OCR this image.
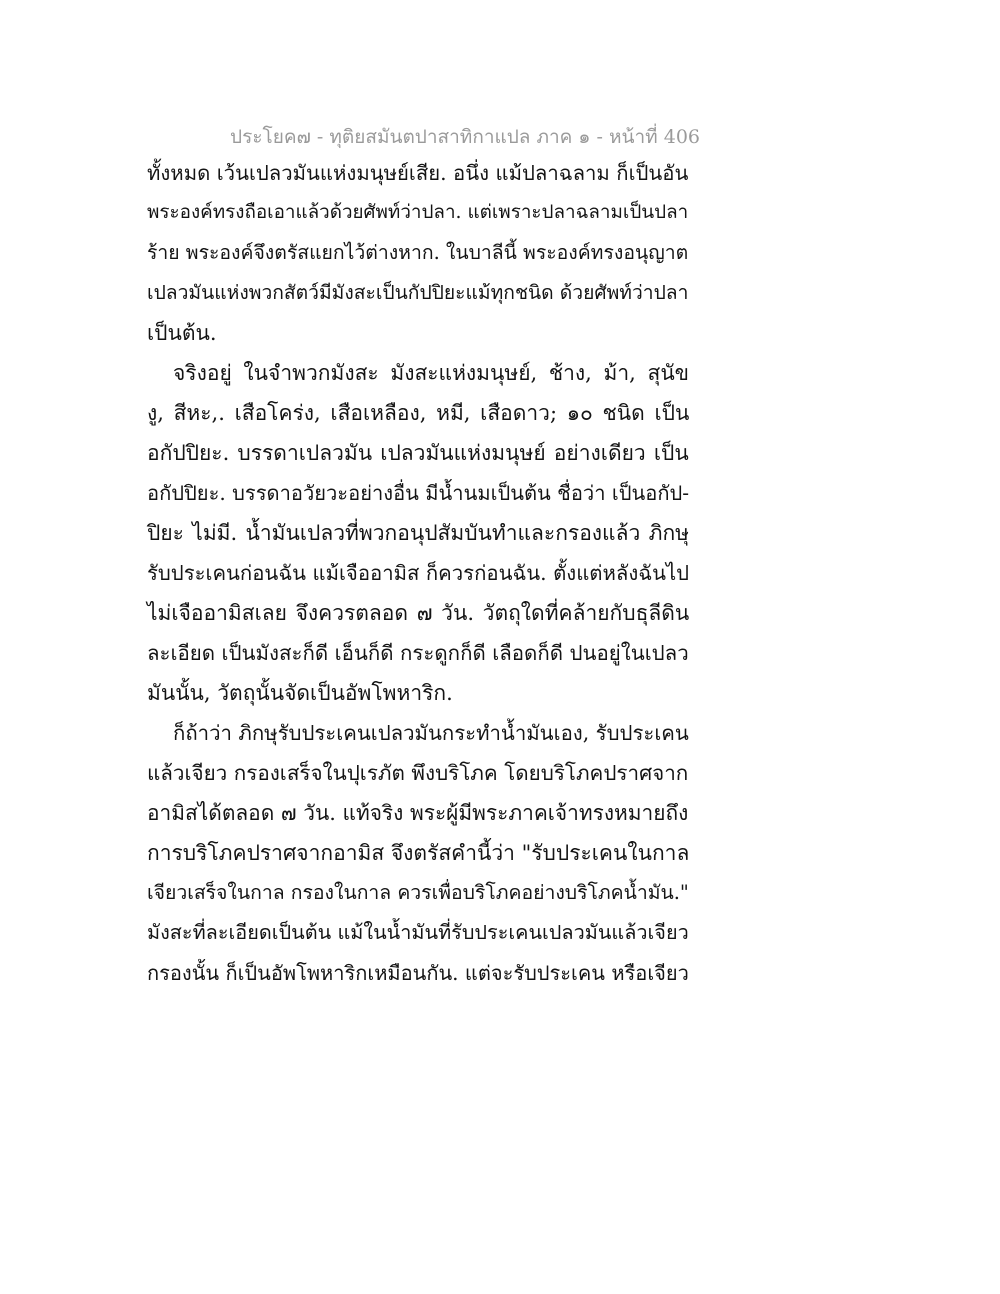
ประโยค๗ - ทุติยสมันตปาสาทิกาแปล ภาค ๑ - หน้าที่ 406
ทั้งหมด เว้นเปลวมันแห่งมนุษย์เสีย. อนึ่ง แม้ปลาฉลาม ก็เป็นอัน
พระองค์ทรงถือเอาแล้วด้วยศัพท์ว่าปลา. แต่เพราะปลาฉลามเป็นปลา
ร้าย พระองค์จึงตรัสแยกไว้ต่างหาก. ในบาลีนี้ พระองค์ทรงอนุญาต
เปลวมันแห่งพวกสัตว์มีมังสะเป็นกัปปิยะแม้ทุกชนิด ด้วยศัพท์ว่าปลา
เป็นต้น.
จริงอยู่ ในจำพวกมังสะ มังสะแห่งมนุษย์, ช้าง, ม้า, สุนัข
งู, สีหะ,. เสือโคร่ง, เสือเหลือง, หมี, เสือดาว; ๑๐ ชนิด เป็น
อกัปปิยะ. บรรดาเปลวมัน เปลวมันแห่งมนุษย์ อย่างเดียว เป็น
อกัปปิยะ. บรรดาอวัยวะอย่างอื่น มีน้ำนมเป็นต้น ชื่อว่า เป็นอกัป-
ปิยะ ไม่มี. น้ำมันเปลวที่พวกอนุปสัมบันทำและกรองแล้ว ภิกษุ
รับประเคนก่อนฉัน แม้เจืออามิส ก็ควรก่อนฉัน. ตั้งแต่หลังฉันไป
ไม่เจืออามิสเลย จึงควรตลอด ๗ วัน. วัตถุใดที่คล้ายกับธุลีดิน
ละเอียด เป็นมังสะก็ดี เอ็นก็ดี กระดูกก็ดี เลือดก็ดี ปนอยู่ในเปลว
มันนั้น, วัตถุนั้นจัดเป็นอัพโพหาริก.
ก็ถ้าว่า ภิกษุรับประเคนเปลวมันกระทำน้ำมันเอง, รับประเคน
แล้วเจียว กรองเสร็จในปุเรภัต พึงบริโภค โดยบริโภคปราศจาก
อามิสได้ตลอด ๗ วัน. แท้จริง พระผู้มีพระภาคเจ้าทรงหมายถึง
การบริโภคปราศจากอามิส จึงตรัสคำนี้ว่า "รับประเคนในกาล
เจียวเสร็จในกาล กรองในกาล ควรเพื่อบริโภคอย่างบริโภคน้ำมัน."
มังสะที่ละเอียดเป็นต้น แม้ในน้ำมันที่รับประเคนเปลวมันแล้วเจียว
กรองนั้น ก็เป็นอัพโพหาริกเหมือนกัน. แต่จะรับประเคน หรือเจียว
